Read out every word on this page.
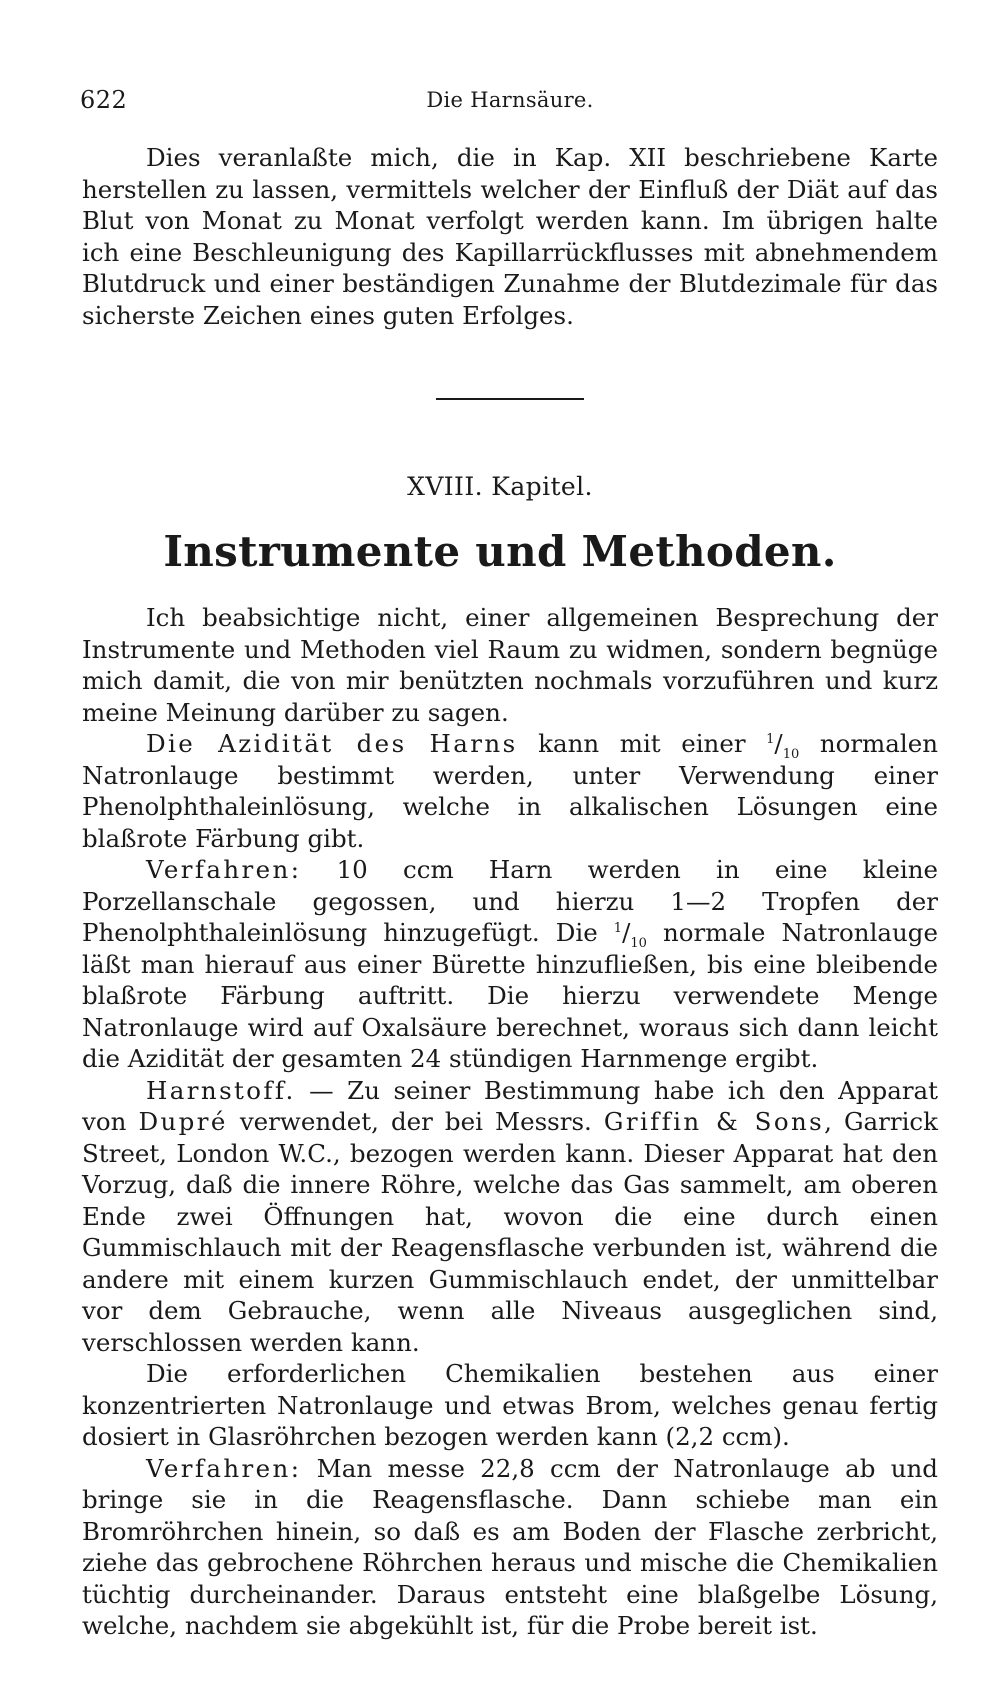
622	Die Harnsäure.

Dies veranlaßte mich, die in Kap. XII beschriebene Karte herstellen zu lassen, vermittels welcher der Einfluß der Diät auf das Blut von Monat zu Monat verfolgt werden kann. Im übrigen halte ich eine Beschleunigung des Kapillarrückflusses mit abnehmendem Blutdruck und einer beständigen Zunahme der Blutdezimale für das sicherste Zeichen eines guten Erfolges.

XVIII. Kapitel.
Instrumente und Methoden.

Ich beabsichtige nicht, einer allgemeinen Besprechung der Instrumente und Methoden viel Raum zu widmen, sondern begnüge mich damit, die von mir benützten nochmals vorzuführen und kurz meine Meinung darüber zu sagen.

Die Azidität des Harns kann mit einer $^1/_{10}$ normalen Natronlauge bestimmt werden, unter Verwendung einer Phenolphthaleinlösung, welche in alkalischen Lösungen eine blaßrote Färbung gibt.

Verfahren: 10 ccm Harn werden in eine kleine Porzellanschale gegossen, und hierzu 1—2 Tropfen der Phenolphthaleinlösung hinzugefügt. Die $^1/_{10}$ normale Natronlauge läßt man hierauf aus einer Bürette hinzufließen, bis eine bleibende blaßrote Färbung auftritt. Die hierzu verwendete Menge Natronlauge wird auf Oxalsäure berechnet, woraus sich dann leicht die Azidität der gesamten 24 stündigen Harnmenge ergibt.

Harnstoff. — Zu seiner Bestimmung habe ich den Apparat von Dupré verwendet, der bei Messrs. Griffin & Sons, Garrick Street, London W.C., bezogen werden kann. Dieser Apparat hat den Vorzug, daß die innere Röhre, welche das Gas sammelt, am oberen Ende zwei Öffnungen hat, wovon die eine durch einen Gummischlauch mit der Reagensflasche verbunden ist, während die andere mit einem kurzen Gummischlauch endet, der unmittelbar vor dem Gebrauche, wenn alle Niveaus ausgeglichen sind, verschlossen werden kann.

Die erforderlichen Chemikalien bestehen aus einer konzentrierten Natronlauge und etwas Brom, welches genau fertig dosiert in Glasröhrchen bezogen werden kann (2,2 ccm).

Verfahren: Man messe 22,8 ccm der Natronlauge ab und bringe sie in die Reagensflasche. Dann schiebe man ein Bromröhrchen hinein, so daß es am Boden der Flasche zerbricht, ziehe das gebrochene Röhrchen heraus und mische die Chemikalien tüchtig durcheinander. Daraus entsteht eine blaßgelbe Lösung, welche, nachdem sie abgekühlt ist, für die Probe bereit ist.
